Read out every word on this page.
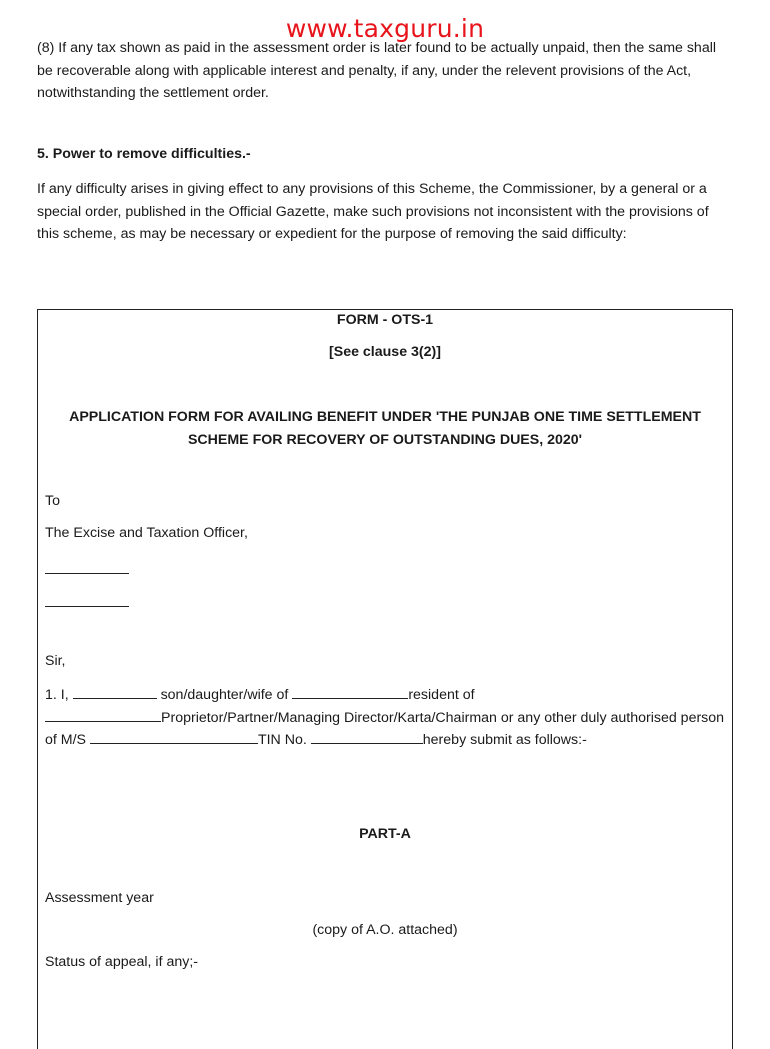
www.taxguru.in

(8) If any tax shown as paid in the assessment order is later found to be actually unpaid, then the same shall be recoverable along with applicable interest and penalty, if any, under the relevent provisions of the Act, notwithstanding the settlement order.

5. Power to remove difficulties.-

If any difficulty arises in giving effect to any provisions of this Scheme, the Commissioner, by a general or a special order, published in the Official Gazette, make such provisions not inconsistent with the provisions of this scheme, as may be necessary or expedient for the purpose of removing the said difficulty:

FORM - OTS-1

[See clause 3(2)]

APPLICATION FORM FOR AVAILING BENEFIT UNDER 'THE PUNJAB ONE TIME SETTLEMENT SCHEME FOR RECOVERY OF OUTSTANDING DUES, 2020'

To

The Excise and Taxation Officer,

Sir,

1. I,	son/daughter/wife of	resident of
Proprietor/Partner/Managing Director/Karta/Chairman or any other duly authorised person of M/S	TIN No.	hereby submit as follows:-

PART-A

Assessment year

(copy of A.O. attached)

Status of appeal, if any;-
